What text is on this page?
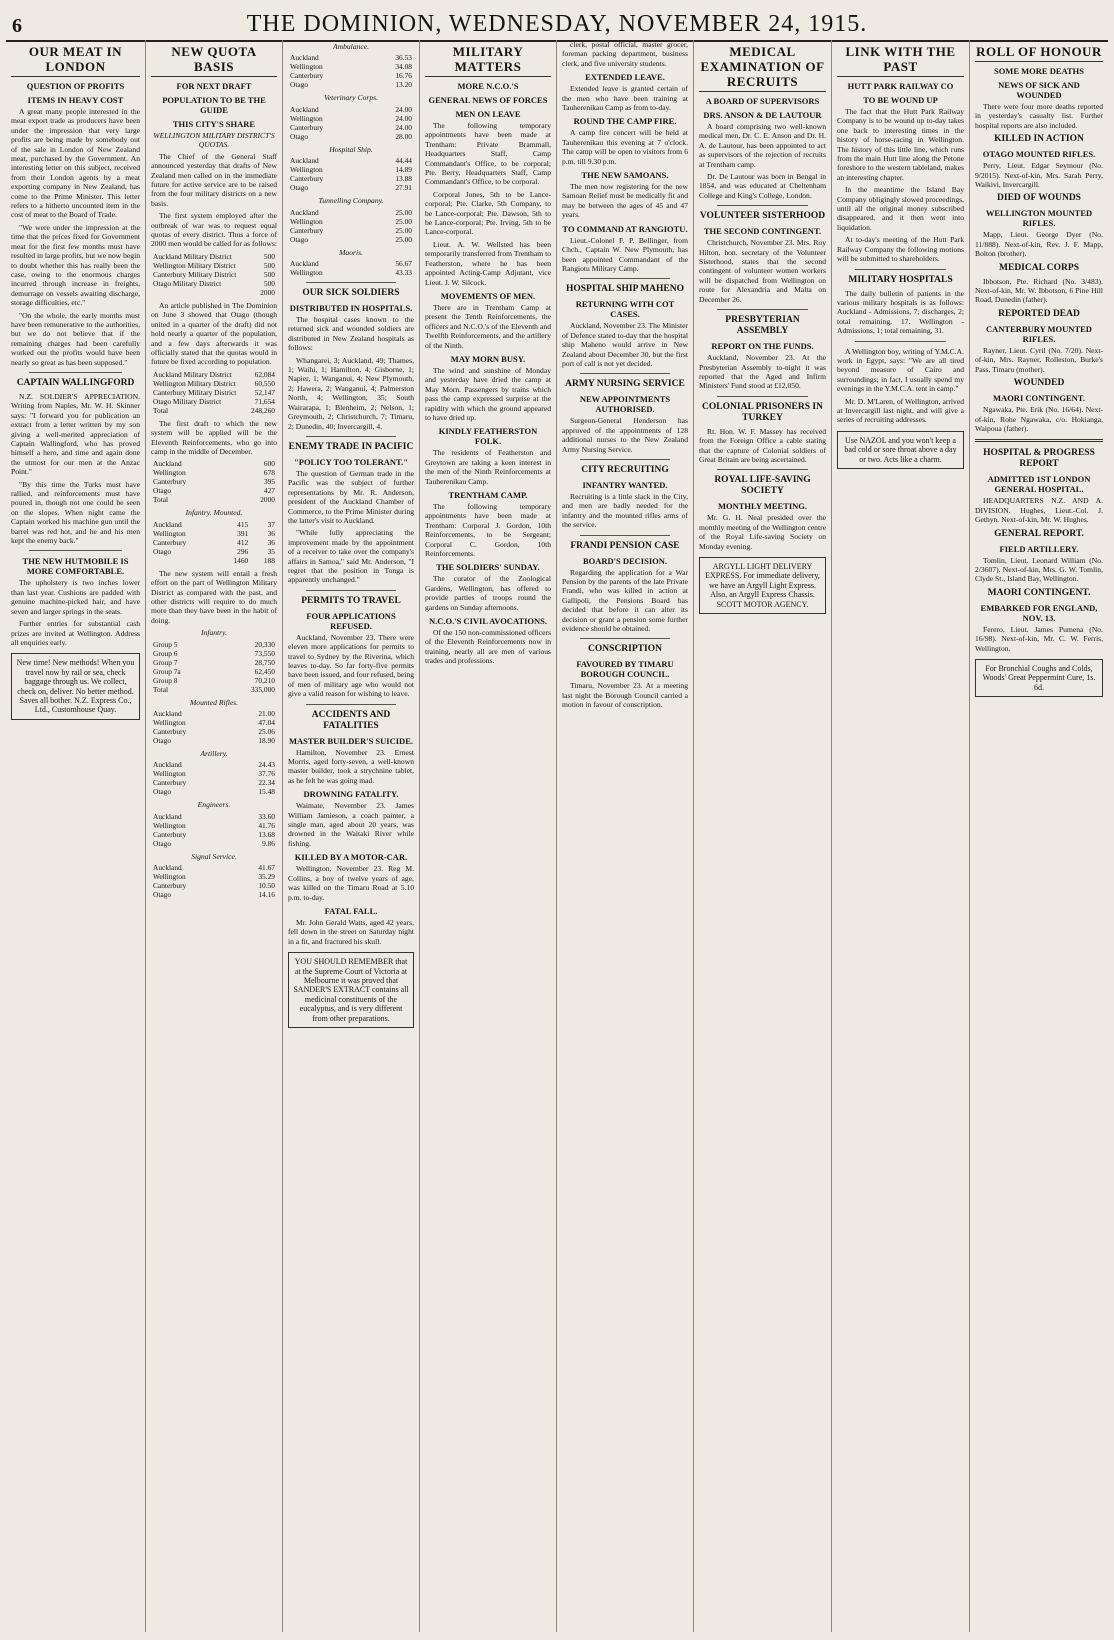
6	THE DOMINION, WEDNESDAY, NOVEMBER 24, 1915.
OUR MEAT IN LONDON
QUESTION OF PROFITS
ITEMS IN HEAVY COST

A great many people interested in the meat export trade as producers have been under the impression that very large profits are being made by somebody out of the sale in London of New Zealand meat, purchased by the Government. An interesting letter on this subject, received from their London agents by a meat exporting company in New Zealand, has come to the Prime Minister. This letter refers to a hitherto uncounted item in the cost of meat to the Board of Trade.

"We were under the impression at the time that the prices fixed for Government meat for the first few months must have resulted in large profits, but we now begin to doubt whether this has really been the case, owing to the enormous charges incurred through increase in freights, demurrage on vessels awaiting discharge, storage difficulties, etc."

"On the whole, the early months must have been remunerative to the authorities, but we do not believe that if the remaining charges had been carefully worked out the profits would have been nearly so great as has been supposed."

CAPTAIN WALLINGFORD

N.Z. SOLDIER'S APPRECIATION. Writing from Naples, Mr. W. H. Skinner says: "I forward you for publication an extract from a letter written by my son giving a well-merited appreciation of Captain Wallingford, who has proved himself a hero, and time and again done the utmost for our men at the Anzac Point."

"By this time the Turks must have rallied, and reinforcements must have poured in, though not one could be seen on the slopes. When night came the Captain worked his machine gun until the barrel was red hot, and he and his men kept the enemy back."

THE NEW HUTMOBILE IS MORE COMFORTABLE.

The upholstery is two inches lower than last year. Cushions are padded with genuine machine-picked hair, and have seven and larger springs in the seats.

Further entries for substantial cash prizes are invited at Wellington. Address all enquiries early.

New time! New methods! When you travel now by rail or sea, check baggage through us. We collect, check on, deliver. No better method. Saves all bother. N.Z. Express Co., Ltd., Customhouse Quay.
NEW QUOTA BASIS
FOR NEXT DRAFT
POPULATION TO BE THE GUIDE
THIS CITY'S SHARE
WELLINGTON MILITARY DISTRICT'S QUOTAS.

The Chief of the General Staff announced yesterday that drafts of New Zealand men called on in the immediate future for active service are to be raised from the four military districts on a new basis.

The first system employed after the outbreak of war was to request equal quotas of every district. Thus a force of 2000 men would be called for as follows:

Auckland Military District	500
Wellington Military District	500
Canterbury Military District	500
Otago Military District	500
	2000

An article published in The Dominion on June 3 showed that Otago (though united in a quarter of the draft) did not hold nearly a quarter of the population, and a few days afterwards it was officially stated that the quotas would in future be fixed according to population.

Auckland Military District	62,084
Wellington Military District	60,550
Canterbury Military District	52,147
Otago Military District	71,654
Total	248,260

The first draft to which the new system will be applied will be the Eleventh Reinforcements, who go into camp in the middle of December.

Auckland	600
Wellington	678
Canterbury	395
Otago	427
Total	2000
Infantry. Mounted.
Auckland	415	37
Wellington	391	36
Canterbury	412	36
Otago	296	35
	1460	188

The new system will entail a fresh effort on the part of Wellington Military District as compared with the past, and other districts will require to do much more than they have been in the habit of doing.

Infantry.
Group 5	20,330
Group 6	73,550
Group 7	28,750
Group 7a	62,450
Group 8	70,210
Total	335,000
Mounted Rifles.
Auckland	21.00
Wellington	47.04
Canterbury	25.06
Otago	18.90
Artillery.
Auckland	24.43
Wellington	37.76
Canterbury	22.34
Otago	15.48
Engineers.
Auckland	33.60
Wellington	41.76
Canterbury	13.68
Otago	9.86
Signal Service.
Auckland	41.67
Wellington	35.29
Canterbury	10.50
Otago	14.16
Ambulance.
Auckland	36.53
Wellington	34.08
Canterbury	16.76
Otago	13.20
Veterinary Corps.
Auckland	24.00
Wellington	24.00
Canterbury	24.00
Otago	28.00
Hospital Ship.
Auckland	44.44
Wellington	14.89
Canterbury	13.88
Otago	27.91
Tunnelling Company.
Auckland	25.00
Wellington	25.00
Canterbury	25.00
Otago	25.00
Maoris.
Auckland	56.67
Wellington	43.33
OUR SICK SOLDIERS
DISTRIBUTED IN HOSPITALS.

The hospital cases known to the returned sick and wounded soldiers are distributed in New Zealand hospitals as follows:

Whangarei, 3; Auckland, 49; Thames, 1; Waihi, 1; Hamilton, 4; Gisborne, 1; Napier, 1; Wanganui, 4; New Plymouth, 2; Hawera, 2; Wanganui, 4; Palmerston North, 4; Wellington, 35; South Wairarapa, 1; Blenheim, 2; Nelson, 1; Greymouth, 2; Christchurch, 7; Timaru, 2; Dunedin, 40; Invercargill, 4.

ENEMY TRADE IN PACIFIC
"POLICY TOO TOLERANT."

The question of German trade in the Pacific was the subject of further representations by Mr. R. Anderson, president of the Auckland Chamber of Commerce, to the Prime Minister during the latter's visit to Auckland.

"While fully appreciating the improvement made by the appointment of a receiver to take over the company's affairs in Samoa," said Mr. Anderson, "I regret that the position in Tonga is apparently unchanged."

PERMITS TO TRAVEL
FOUR APPLICATIONS REFUSED.

Auckland, November 23. There were eleven more applications for permits to travel to Sydney by the Riverina, which leaves to-day. So far forty-five permits have been issued, and four refused, being of men of military age who would not give a valid reason for wishing to leave.

ACCIDENTS AND FATALITIES
MASTER BUILDER'S SUICIDE.

Hamilton, November 23. Ernest Morris, aged forty-seven, a well-known master builder, took a strychnine tablet, as he felt he was going mad.

DROWNING FATALITY.

Waimate, November 23. James William Jamieson, a coach painter, a single man, aged about 20 years, was drowned in the Waitaki River while fishing.

KILLED BY A MOTOR-CAR.

Wellington, November 23. Reg M. Collins, a boy of twelve years of age, was killed on the Timaru Road at 5.10 p.m. to-day.

FATAL FALL.

Mr. John Gerald Watts, aged 42 years, fell down in the street on Saturday night in a fit, and fractured his skull.

YOU SHOULD REMEMBER that at the Supreme Court of Victoria at Melbourne it was proved that SANDER'S EXTRACT contains all medicinal constituents of the eucalyptus, and is very different from other preparations.
MILITARY MATTERS
MORE N.C.O.'S
GENERAL NEWS OF FORCES
MEN ON LEAVE

The following temporary appointments have been made at Trentham: Private Brammall, Headquarters Staff, Camp Commandant's Office, to be corporal; Pte. Berry, Headquarters Staff, Camp Commandant's Office, to be corporal.

Corporal Jones, 5th to be Lance-corporal; Pte. Clarke, 5th Company, to be Lance-corporal; Pte. Dawson, 5th to be Lance-corporal; Pte. Irving, 5th to be Lance-corporal.

Lieut. A. W. Wellsted has been temporarily transferred from Trentham to Featherston, where he has been appointed Acting-Camp Adjutant, vice Lieut. J. W. Silcock.

MOVEMENTS OF MEN.

There are in Trentham Camp at present the Tenth Reinforcements, the officers and N.C.O.'s of the Eleventh and Twelfth Reinforcements, and the artillery of the Ninth.

MAY MORN BUSY.

The wind and sunshine of Monday and yesterday have dried the camp at May Morn. Passengers by trains which pass the camp expressed surprise at the rapidity with which the ground appeared to have dried up.

KINDLY FEATHERSTON FOLK.

The residents of Featherston and Greytown are taking a keen interest in the men of the Ninth Reinforcements at Tauherenikau Camp.

TRENTHAM CAMP.

The following temporary appointments have been made at Trentham: Corporal J. Gordon, 10th Reinforcements, to be Sergeant; Corporal C. Gordon, 10th Reinforcements.

THE SOLDIERS' SUNDAY.

The curator of the Zoological Gardens, Wellington, has offered to provide parties of troops round the gardens on Sunday afternoons.

N.C.O.'S CIVIL AVOCATIONS.

Of the 150 non-commissioned officers of the Eleventh Reinforcements now in training, nearly all are men of various trades and professions.

clerk, postal official, master grocer, foreman packing department, business clerk, and five university students.

EXTENDED LEAVE.

Extended leave is granted certain of the men who have been training at Tauherenikau Camp as from to-day.

ROUND THE CAMP FIRE.

A camp fire concert will be held at Tauherenikau this evening at 7 o'clock. The camp will be open to visitors from 6 p.m. till 9.30 p.m.

THE NEW SAMOANS.

The men now registering for the new Samoan Relief must be medically fit and may be between the ages of 45 and 47 years.

TO COMMAND AT RANGIOTU.

Lieut.-Colonel F. P. Bellinger, from Chch., Captain W. New Plymouth, has been appointed Commandant of the Rangiotu Military Camp.

HOSPITAL SHIP MAHENO
RETURNING WITH COT CASES.

Auckland, November 23. The Minister of Defence stated to-day that the hospital ship Maheno would arrive in New Zealand about December 30, but the first port of call is not yet decided.

ARMY NURSING SERVICE
NEW APPOINTMENTS AUTHORISED.

Surgeon-General Henderson has approved of the appointments of 128 additional nurses to the New Zealand Army Nursing Service.

CITY RECRUITING
INFANTRY WANTED.

Recruiting is a little slack in the City, and men are badly needed for the infantry and the mounted rifles arms of the service.

FRANDI PENSION CASE
BOARD'S DECISION.

Regarding the application for a War Pension by the parents of the late Private Frandi, who was killed in action at Gallipoli, the Pensions Board has decided that before it can alter its decision or grant a pension some further evidence should be obtained.

CONSCRIPTION
FAVOURED BY TIMARU BOROUGH COUNCIL.

Timaru, November 23. At a meeting last night the Borough Council carried a motion in favour of conscription.

MEDICAL EXAMINATION OF RECRUITS
A BOARD OF SUPERVISORS
DRS. ANSON & DE LAUTOUR

A board comprising two well-known medical men, Dr. C. E. Anson and Dr. H. A. de Lautour, has been appointed to act as supervisors of the rejection of recruits at Trentham camp.

Dr. De Lautour was born in Bengal in 1854, and was educated at Cheltenham College and King's College, London.

VOLUNTEER SISTERHOOD
THE SECOND CONTINGENT.

Christchurch, November 23. Mrs. Roy Hilton, hon. secretary of the Volunteer Sisterhood, states that the second contingent of volunteer women workers will be dispatched from Wellington on route for Alexandria and Malta on December 26.

PRESBYTERIAN ASSEMBLY
REPORT ON THE FUNDS.

Auckland, November 23. At the Presbyterian Assembly to-night it was reported that the Aged and Infirm Ministers' Fund stood at £12,050.

COLONIAL PRISONERS IN TURKEY

Rt. Hon. W. F. Massey has received from the Foreign Office a cable stating that the capture of Colonial soldiers of Great Britain are being ascertained.

ROYAL LIFE-SAVING SOCIETY
MONTHLY MEETING.

Mr. G. H. Neal presided over the monthly meeting of the Wellington centre of the Royal Life-saving Society on Monday evening.

ARGYLL LIGHT DELIVERY EXPRESS. For immediate delivery, we have an Argyll Light Express. Also, an Argyll Express Chassis. SCOTT MOTOR AGENCY.
LINK WITH THE PAST
HUTT PARK RAILWAY CO
TO BE WOUND UP

The fact that the Hutt Park Railway Company is to be wound up to-day takes one back to interesting times in the history of horse-racing in Wellington. The history of this little line, which runs from the main Hutt line along the Petone foreshore to the western tableland, makes an interesting chapter.

In the meantime the Island Bay Company obligingly slowed proceedings, until all the original money subscribed disappeared, and it then went into liquidation.

At to-day's meeting of the Hutt Park Railway Company the following motions will be submitted to shareholders.

MILITARY HOSPITALS

The daily bulletin of patients in the various military hospitals is as follows: Auckland - Admissions, 7; discharges, 2; total remaining, 17. Wellington - Admissions, 1; total remaining, 31.

A Wellington boy, writing of Y.M.C.A. work in Egypt, says: "We are all tired beyond measure of Cairo and surroundings; in fact, I usually spend my evenings in the Y.M.C.A. tent in camp."

Mr. D. M'Laren, of Wellington, arrived at Invercargill last night, and will give a series of recruiting addresses.

Use NAZOL and you won't keep a bad cold or sore throat above a day or two. Acts like a charm.
ROLL OF HONOUR
SOME MORE DEATHS
NEWS OF SICK AND WOUNDED

There were four more deaths reported in yesterday's casualty list. Further hospital reports are also included.

KILLED IN ACTION
OTAGO MOUNTED RIFLES.

Perry, Lieut. Edgar Seymour (No. 9/2015). Next-of-kin, Mrs. Sarah Perry, Waikivi, Invercargill.

DIED OF WOUNDS
WELLINGTON MOUNTED RIFLES.

Mapp, Lieut. George Dyer (No. 11/888). Next-of-kin, Rev. J. F. Mapp, Bolton (brother).

MEDICAL CORPS

Ibbotson, Pte. Richard (No. 3/483). Next-of-kin, Mr. W. Ibbotson, 6 Pine Hill Road, Dunedin (father).

REPORTED DEAD
CANTERBURY MOUNTED RIFLES.

Rayner, Lieut. Cyril (No. 7/20). Next-of-kin, Mrs. Rayner, Rolleston, Burke's Pass, Timaru (mother).

WOUNDED
MAORI CONTINGENT.

Ngawaka, Pte. Erik (No. 16/64). Next-of-kin, Rohe Ngawaka, c/o. Hokianga, Waipoua (father).

HOSPITAL & PROGRESS REPORT
ADMITTED 1ST LONDON GENERAL HOSPITAL.

HEADQUARTERS N.Z. AND A. DIVISION. Hughes, Lieut.-Col. J. Gethyn. Next-of-kin, Mr. W. Hughes.

GENERAL REPORT.
FIELD ARTILLERY.

Tomlin, Lieut. Leonard William (No. 2/3607). Next-of-kin, Mrs. G. W. Tomlin, Clyde St., Island Bay, Wellington.

MAORI CONTINGENT.
EMBARKED FOR ENGLAND, NOV. 13.

Ferero, Lieut. James Pumena (No. 16/98). Next-of-kin, Mr. C. W. Ferris, Wellington.

For Bronchial Coughs and Colds, Woods' Great Peppermint Cure, 1s. 6d.
